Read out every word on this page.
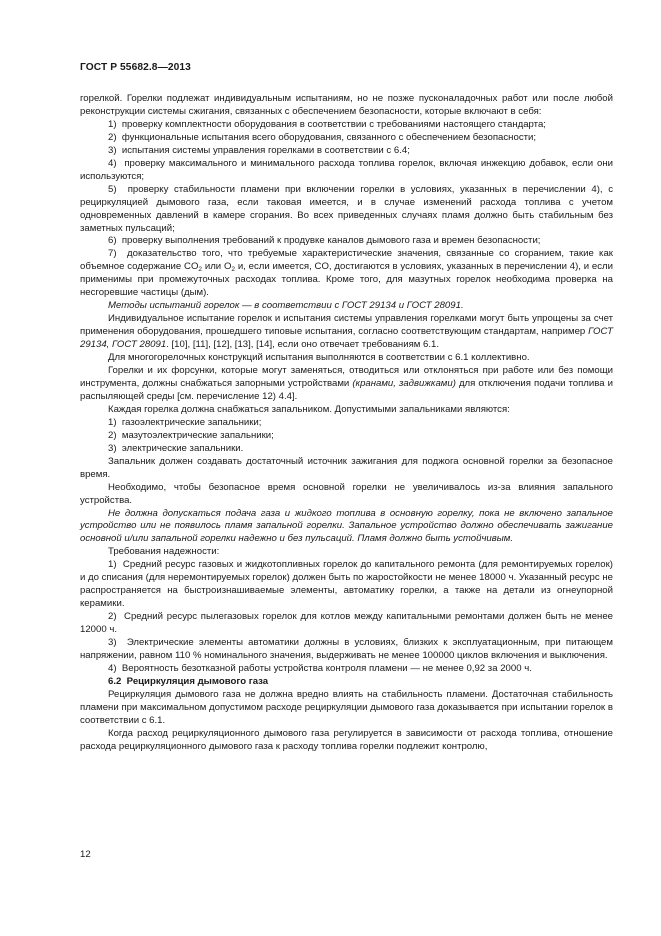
ГОСТ Р 55682.8—2013

горелкой. Горелки подлежат индивидуальным испытаниям, но не позже пусконаладочных работ или после любой реконструкции системы сжигания, связанных с обеспечением безопасности, которые включают в себя:

1)  проверку комплектности оборудования в соответствии с требованиями настоящего стандарта;

2)  функциональные испытания всего оборудования, связанного с обеспечением безопасности;

3)  испытания системы управления горелками в соответствии с 6.4;

4)  проверку максимального и минимального расхода топлива горелок, включая инжекцию добавок, если они используются;

5)  проверку стабильности пламени при включении горелки в условиях, указанных в перечислении 4), с рециркуляцией дымового газа, если таковая имеется, и в случае изменений расхода топлива с учетом одновременных давлений в камере сгорания. Во всех приведенных случаях пламя должно быть стабильным без заметных пульсаций;

6)  проверку выполнения требований к продувке каналов дымового газа и времен безопасности;

7)  доказательство того, что требуемые характеристические значения, связанные со сгоранием, такие как объемное содержание $CO_2$ или $O_2$ и, если имеется, CO, достигаются в условиях, указанных в перечислении 4), и если применимы при промежуточных расходах топлива. Кроме того, для мазутных горелок необходима проверка на несгоревшие частицы (дым).

Методы испытаний горелок — в соответствии с ГОСТ 29134 и ГОСТ 28091.

Индивидуальное испытание горелок и испытания системы управления горелками могут быть упрощены за счет применения оборудования, прошедшего типовые испытания, согласно соответствующим стандартам, например ГОСТ 29134, ГОСТ 28091. [10], [11], [12], [13], [14], если оно отвечает требованиям 6.1.

Для многогорелочных конструкций испытания выполняются в соответствии с 6.1 коллективно.

Горелки и их форсунки, которые могут заменяться, отводиться или отклоняться при работе или без помощи инструмента, должны снабжаться запорными устройствами (кранами, задвижками) для отключения подачи топлива и распыляющей среды [см. перечисление 12) 4.4].

Каждая горелка должна снабжаться запальником. Допустимыми запальниками являются:

1)  газоэлектрические запальники;

2)  мазутоэлектрические запальники;

3)  электрические запальники.

Запальник должен создавать достаточный источник зажигания для поджога основной горелки за безопасное время.

Необходимо, чтобы безопасное время основной горелки не увеличивалось из-за влияния запального устройства.

Не должна допускаться подача газа и жидкого топлива в основную горелку, пока не включено запальное устройство или не появилось пламя запальной горелки. Запальное устройство должно обеспечивать зажигание основной и/или запальной горелки надежно и без пульсаций. Пламя должно быть устойчивым.

Требования надежности:

1)  Средний ресурс газовых и жидкотопливных горелок до капитального ремонта (для ремонтируемых горелок) и до списания (для неремонтируемых горелок) должен быть по жаростойкости не менее 18000 ч. Указанный ресурс не распространяется на быстроизнашиваемые элементы, автоматику горелки, а также на детали из огнеупорной керамики.

2)  Средний ресурс пылегазовых горелок для котлов между капитальными ремонтами должен быть не менее 12000 ч.

3)  Электрические элементы автоматики должны в условиях, близких к эксплуатационным, при питающем напряжении, равном 110 % номинального значения, выдерживать не менее 100000 циклов включения и выключения.

4)  Вероятность безотказной работы устройства контроля пламени — не менее 0,92 за 2000 ч.

6.2  Рециркуляция дымового газа

Рециркуляция дымового газа не должна вредно влиять на стабильность пламени. Достаточная стабильность пламени при максимальном допустимом расходе рециркуляции дымового газа доказывается при испытании горелок в соответствии с 6.1.

Когда расход рециркуляционного дымового газа регулируется в зависимости от расхода топлива, отношение расхода рециркуляционного дымового газа к расходу топлива горелки подлежит контролю,

12
